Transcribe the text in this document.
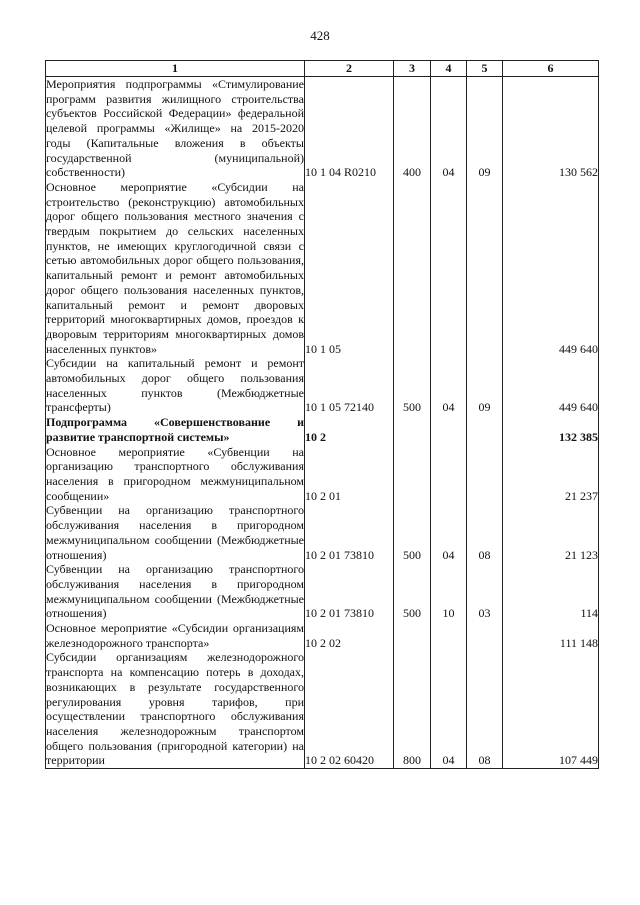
428
1	2	3	4	5	6
Мероприятия подпрограммы «Стимулирование программ развития жилищного строительства субъектов Российской Федерации» федеральной целевой программы «Жилище» на 2015-2020 годы (Капитальные вложения в объекты государственной (муниципальной) собственности)	10 1 04 R0210	400	04	09	130 562
Основное мероприятие «Субсидии на строительство (реконструкцию) автомобильных дорог общего пользования местного значения с твердым покрытием до сельских населенных пунктов, не имеющих круглогодичной связи с сетью автомобильных дорог общего пользования, капитальный ремонт и ремонт автомобильных дорог общего пользования населенных пунктов, капитальный ремонт и ремонт дворовых территорий многоквартирных домов, проездов к дворовым территориям многоквартирных домов населенных пунктов»	10 1 05				449 640
Субсидии на капитальный ремонт и ремонт автомобильных дорог общего пользования населенных пунктов (Межбюджетные трансферты)	10 1 05 72140	500	04	09	449 640
Подпрограмма «Совершенствование и развитие транспортной системы»	10 2				132 385
Основное мероприятие «Субвенции на организацию транспортного обслуживания населения в пригородном межмуниципальном сообщении»	10 2 01				21 237
Субвенции на организацию транспортного обслуживания населения в пригородном межмуниципальном сообщении (Межбюджетные отношения)	10 2 01 73810	500	04	08	21 123
Субвенции на организацию транспортного обслуживания населения в пригородном межмуниципальном сообщении (Межбюджетные отношения)	10 2 01 73810	500	10	03	114
Основное мероприятие «Субсидии организациям железнодорожного транспорта»	10 2 02				111 148
Субсидии организациям железнодорожного транспорта на компенсацию потерь в доходах, возникающих в результате государственного регулирования уровня тарифов, при осуществлении транспортного обслуживания населения железнодорожным транспортом общего пользования (пригородной категории) на территории	10 2 02 60420	800	04	08	107 449
